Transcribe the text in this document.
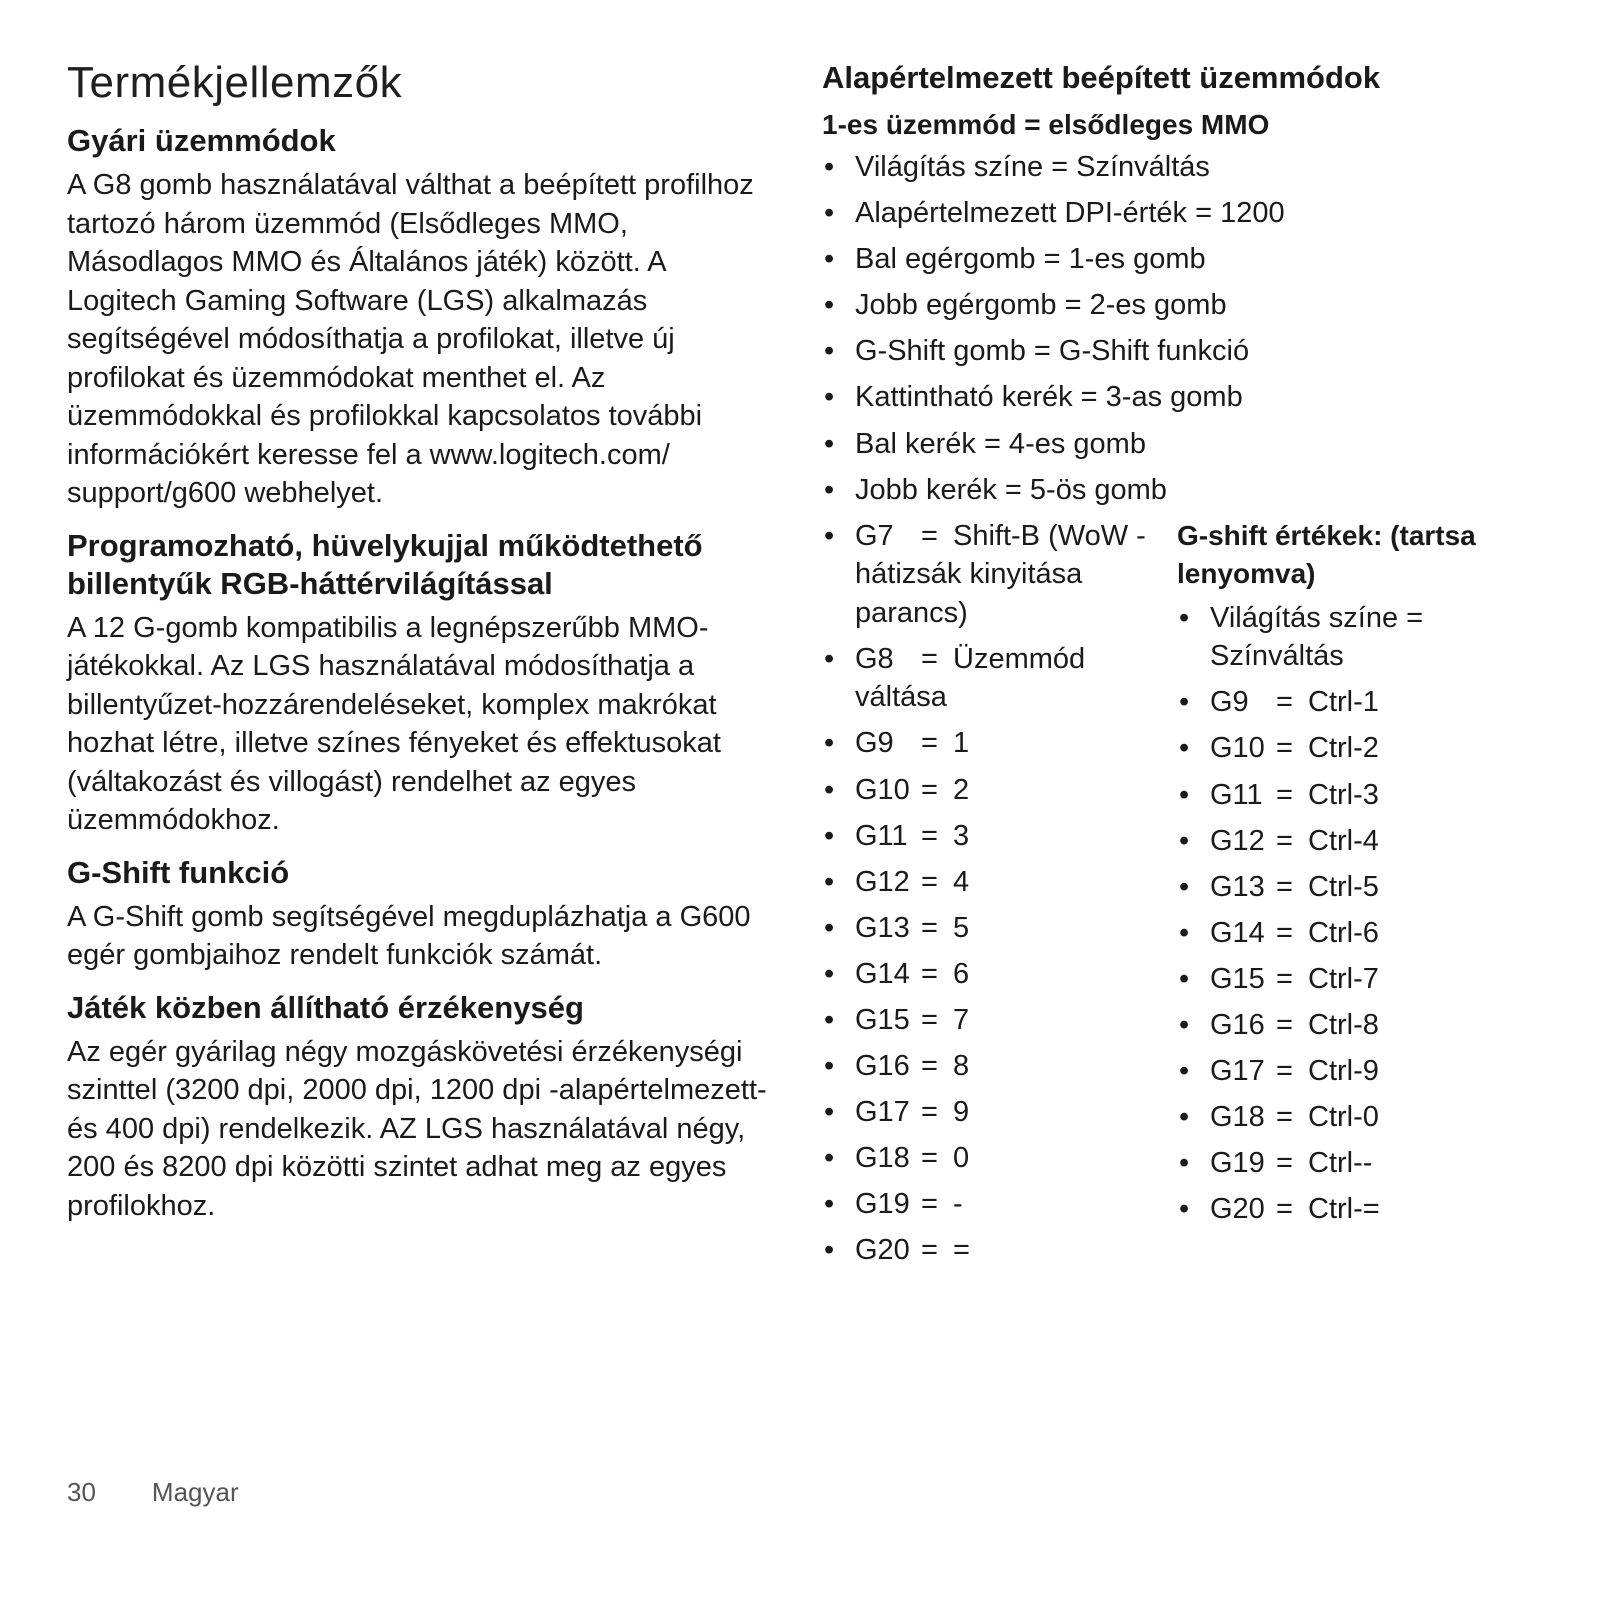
Termékjellemzők
Gyári üzemmódok

A G8 gomb használatával válthat a beépített profilhoz tartozó három üzemmód (Elsődleges MMO, Másodlagos MMO és Általános játék) között. A Logitech Gaming Software (LGS) alkalmazás segítségével módosíthatja a profilokat, illetve új profilokat és üzemmódokat menthet el. Az üzemmódokkal és profilokkal kapcsolatos további információkért keresse fel a www.logitech.com/ support/g600 webhelyet.

Programozható, hüvelykujjal működtethető billentyűk RGB-háttérvilágítással

A 12 G-gomb kompatibilis a legnépszerűbb MMO-játékokkal. Az LGS használatával módosíthatja a billentyűzet-hozzárendeléseket, komplex makrókat hozhat létre, illetve színes fényeket és effektusokat (váltakozást és villogást) rendelhet az egyes üzemmódokhoz.

G-Shift funkció

A G-Shift gomb segítségével megduplázhatja a G600 egér gombjaihoz rendelt funkciók számát.

Játék közben állítható érzékenység

Az egér gyárilag négy mozgáskövetési érzékenységi szinttel (3200 dpi, 2000 dpi, 1200 dpi -alapértelmezett- és 400 dpi) rendelkezik. AZ LGS használatával négy, 200 és 8200 dpi közötti szintet adhat meg az egyes profilokhoz.

Alapértelmezett beépített üzemmódok
1-es üzemmód = elsődleges MMO
• Világítás színe = Színváltás
• Alapértelmezett DPI-érték = 1200
• Bal egérgomb = 1-es gomb
• Jobb egérgomb = 2-es gomb
• G-Shift gomb = G-Shift funkció
• Kattintható kerék = 3-as gomb
• Bal kerék = 4-es gomb
• Jobb kerék = 5-ös gomb
• G7 = Shift-B (WoW - hátizsák kinyitása parancs)
• G8 = Üzemmód váltása
• G9 = 1
• G10 = 2
• G11 = 3
• G12 = 4
• G13 = 5
• G14 = 6
• G15 = 7
• G16 = 8
• G17 = 9
• G18 = 0
• G19 = -
• G20 = =
G-shift értékek: (tartsa lenyomva)
• Világítás színe = Színváltás
• G9 = Ctrl-1
• G10 = Ctrl-2
• G11 = Ctrl-3
• G12 = Ctrl-4
• G13 = Ctrl-5
• G14 = Ctrl-6
• G15 = Ctrl-7
• G16 = Ctrl-8
• G17 = Ctrl-9
• G18 = Ctrl-0
• G19 = Ctrl--
• G20 = Ctrl-=
30 Magyar
